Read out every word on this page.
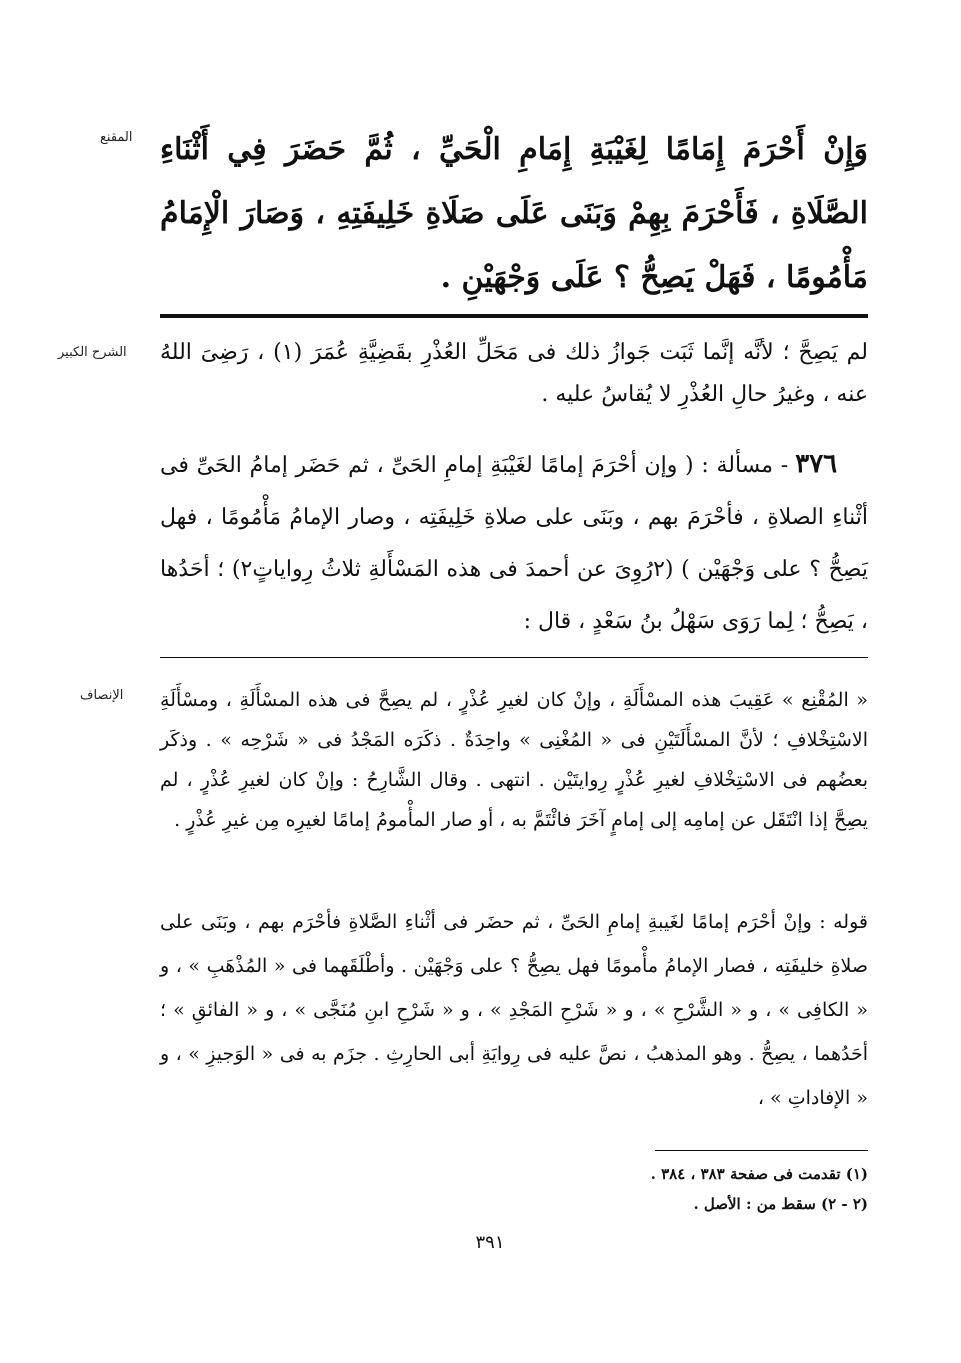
المقنع وَإِنْ أَحْرَمَ إِمَامًا لِغَيْبَةِ إِمَامِ الْحَيِّ ، ثُمَّ حَضَرَ فِي أَثْنَاءِ الصَّلَاةِ ، فَأَحْرَمَ بِهِمْ وَبَنَى عَلَى صَلَاةِ خَلِيفَتِهِ ، وَصَارَ الْإِمَامُ مَأْمُومًا ، فَهَلْ يَصِحُّ ؟ عَلَى وَجْهَيْنِ .
الشرح الكبير لم يَصِحَّ ؛ لأنَّه إنَّما ثَبَت جَوازُ ذلك فى مَحَلِّ العُذْرِ بقَضِيَّةِ عُمَرَ (١) ، رَضِىَ اللهُ عنه ، وغيرُ حالِ العُذْرِ لا يُقاسُ عليه .
​    ٣٧٦ - مسألة : ( وإن أحْرَمَ إمامًا لغَيْبَةِ إمامِ الحَىِّ ، ثم حَضَر إمامُ الحَىِّ فى أثْناءِ الصلاةِ ، فأحْرَمَ بهم ، وبَنَى على صلاةِ خَلِيفَتِه ، وصار الإمامُ مَأْمُومًا ، فهل يَصِحُّ ؟ على وَجْهَيْن ) (٢رُوِىَ عن أحمدَ فى هذه المَسْأَلةِ ثلاثُ رِواياتٍ٢) ؛ أحَدُها ، يَصِحُّ ؛ لِما رَوَى سَهْلُ بنُ سَعْدٍ ، قال :
الإنصاف « المُقْنِع » عَقِيبَ هذه المسْأَلَةِ ، وإنْ كان لغيرِ عُذْرٍ ، لم يصِحَّ فى هذه المسْأَلَةِ ، ومسْأَلَةِ الاسْتِخْلافِ ؛ لأنَّ المسْأَلَتَيْنِ فى « المُغْنِى » واحِدَةٌ . ذكَرَه المَجْدُ فى « شَرْحِه » . وذكَر بعضُهم فى الاسْتِخْلافِ لغيرِ عُذْرٍ رِوايتَيْن . انتهى . وقال الشَّارِحُ : وإنْ كان لغيرِ عُذْرٍ ، لم يصِحَّ إذا انْتَقَل عن إمامِه إلى إمامٍ آخَرَ فائْتَمَّ به ، أو صار المأْمومُ إمامًا لغيرِه مِن غيرِ عُذْرٍ .
قوله : وإنْ أحْرَم إمامًا لغَيبةِ إمامِ الحَىِّ ، ثم حضَر فى أثْناءِ الصَّلاةِ فأحْرَم بهم ، وبَنَى على صلاةِ خليفَتِه ، فصار الإمامُ مأْمومًا فهل يصِحُّ ؟ على وَجْهَيْن . وأطْلَقَهما فى « المُذْهَبِ » ، و « الكافِى » ، و « الشَّرْحِ » ، و « شَرْحِ المَجْدِ » ، و « شَرْحِ ابنِ مُنَجَّى » ، و « الفائقِ » ؛ أحَدُهما ، يصِحُّ . وهو المذهبُ ، نصَّ عليه فى رِوايَةِ أبى الحارِثِ . جزَم به فى « الوَجيزِ » ، و « الإفاداتِ » ،
(١) تقدمت فى صفحة ٣٨٣ ، ٣٨٤ .
(٢ - ٢) سقط من : الأصل .
٣٩١
